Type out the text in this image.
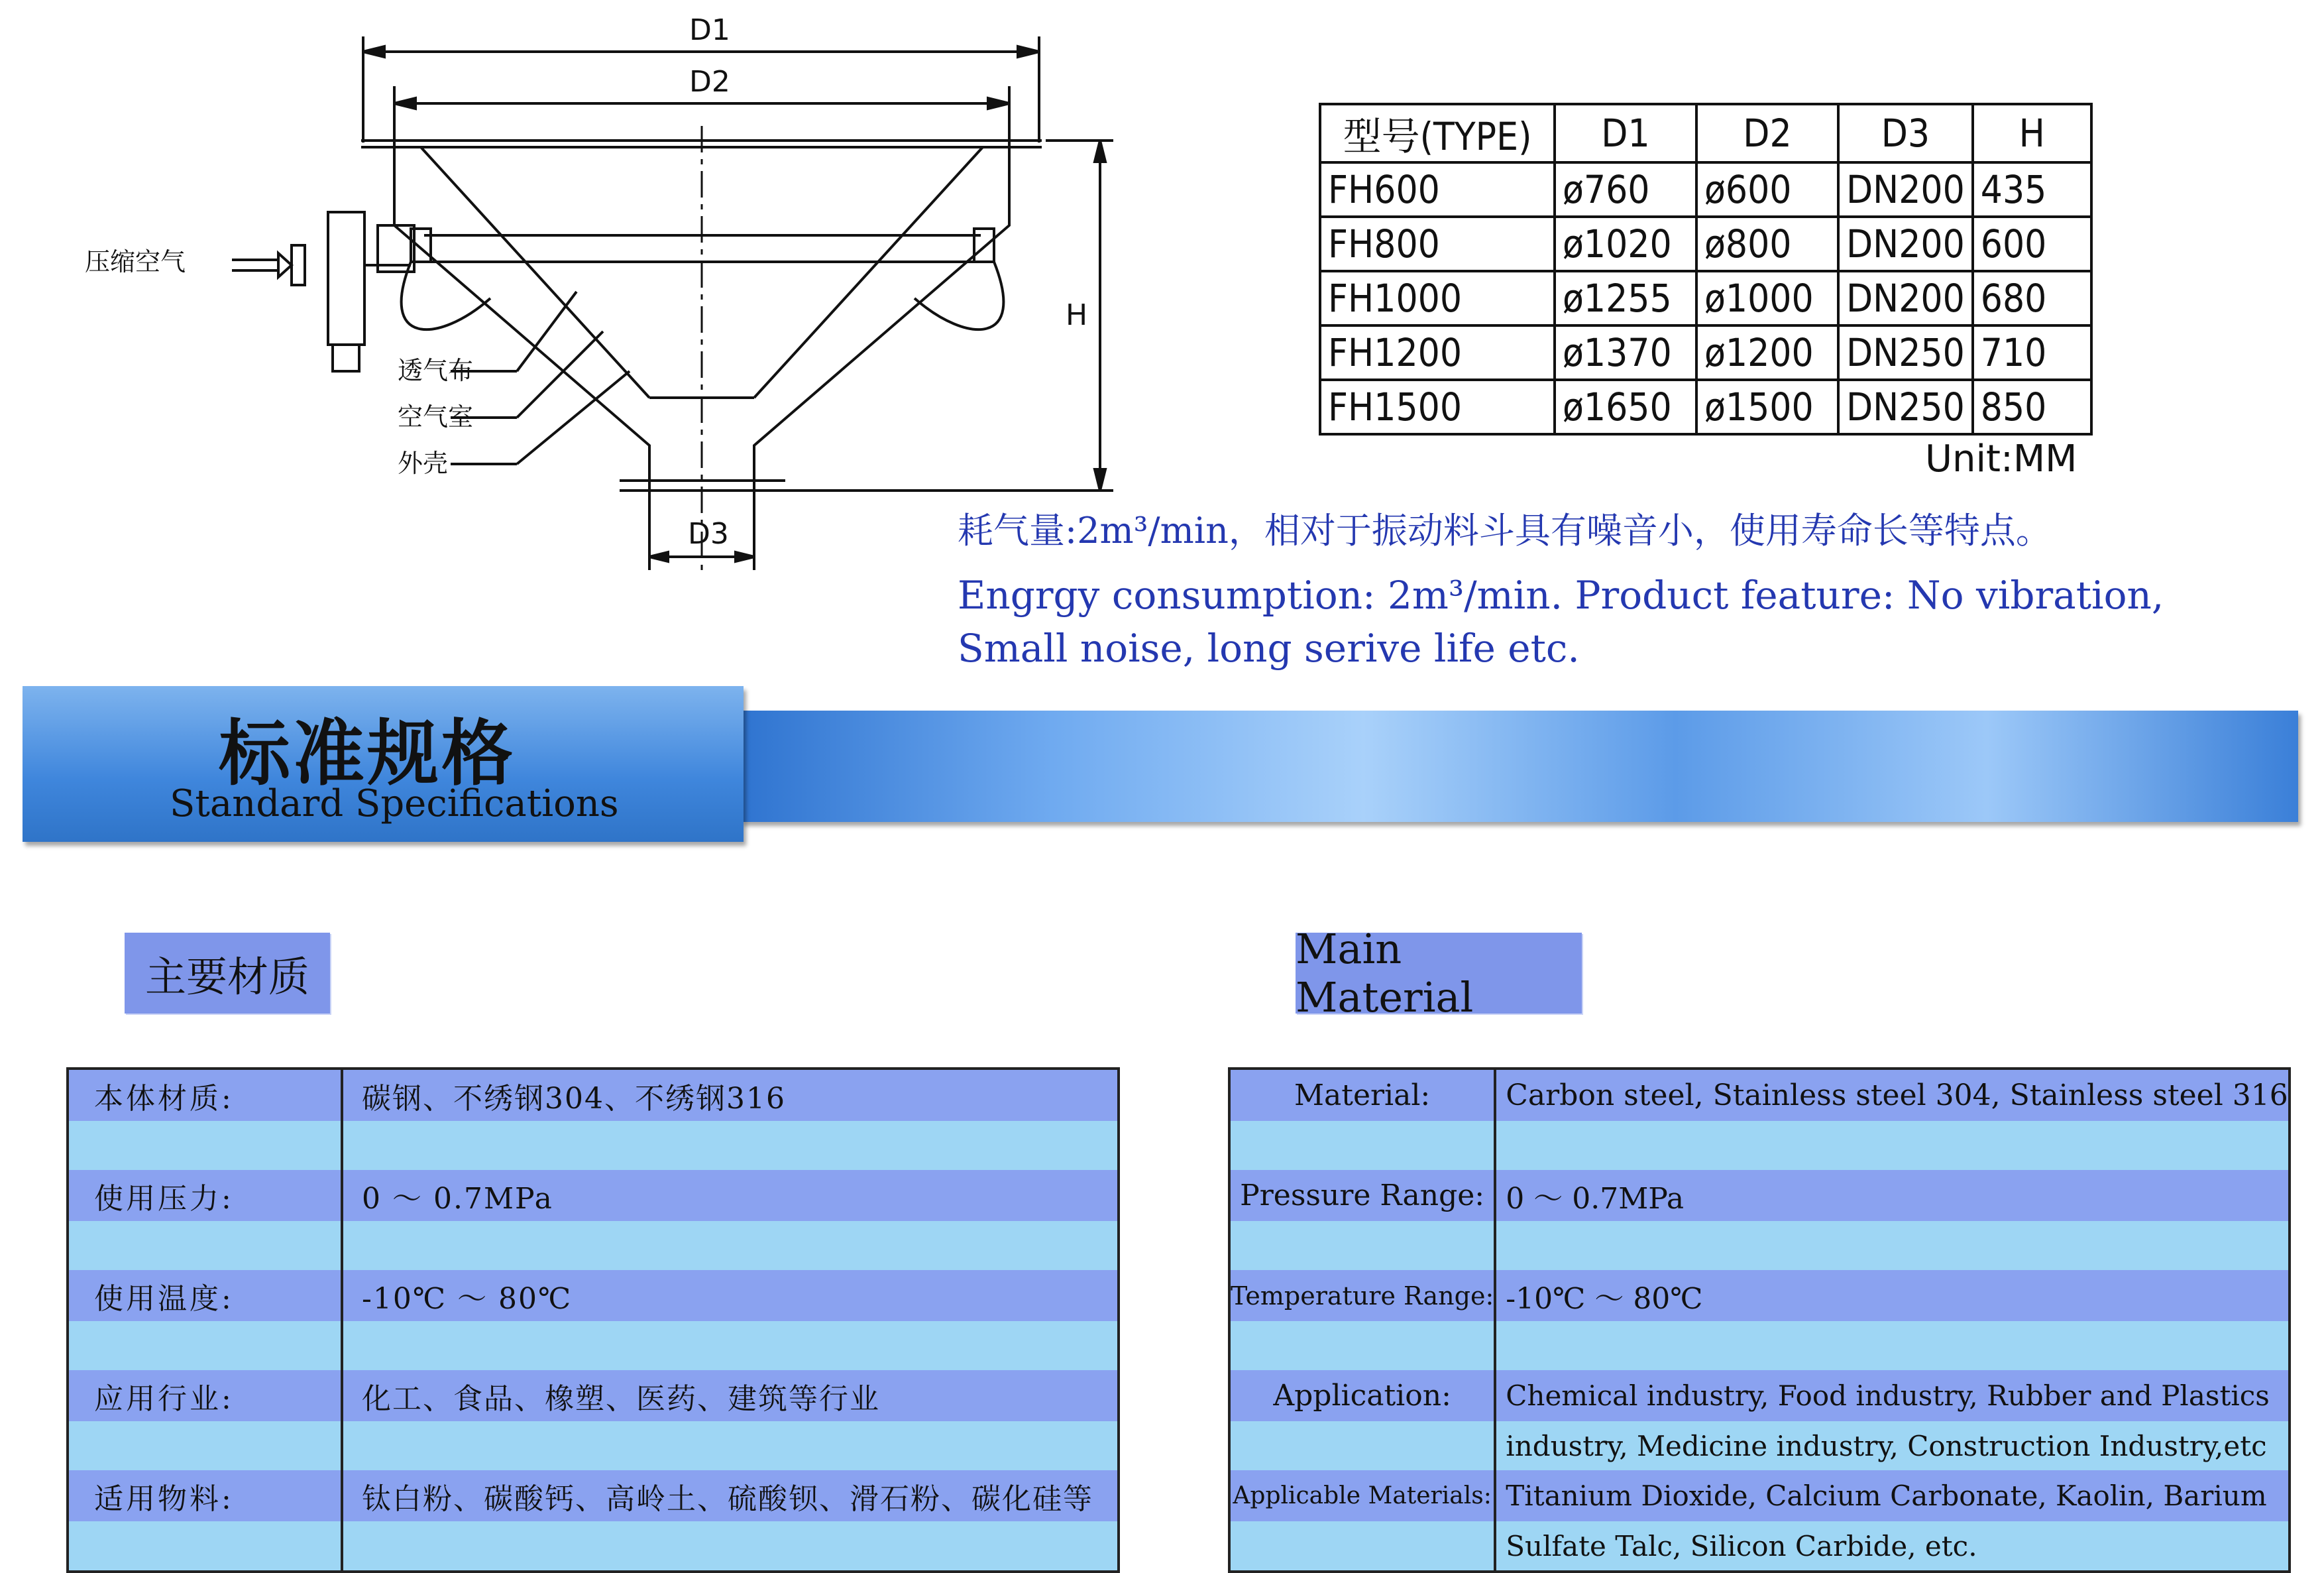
D1
D2
D3
H
压缩空气
透气布
空气室
外壳
型号(TYPE)	D1	D2	D3	H
FH600	ø760	ø600	DN200	435
FH800	ø1020	ø800	DN200	600
FH1000	ø1255	ø1000	DN200	680
FH1200	ø1370	ø1200	DN250	710
FH1500	ø1650	ø1500	DN250	850
Unit:MM
耗气量:2m³/min，相对于振动料斗具有噪音小，使用寿命长等特点。
Engrgy consumption: 2m³/min. Product feature: No vibration, Small noise, long serive life etc.
标准规格
Standard Specifications
主要材质
Main Material
本体材质:	碳钢、不绣钢304、不绣钢316

使用压力:	0 ～ 0.7MPa

使用温度:	-10℃ ～ 80℃

应用行业:	化工、食品、橡塑、医药、建筑等行业

适用物料:	钛白粉、碳酸钙、高岭土、硫酸钡、滑石粉、碳化硅等

Material:	Carbon steel, Stainless steel 304, Stainless steel 316

Pressure Range:	0 ～ 0.7MPa

Temperature Range:	-10℃ ～ 80℃

Application:	Chemical industry, Food industry, Rubber and Plastics
	industry, Medicine industry, Construction Industry,etc
Applicable Materials:	Titanium Dioxide, Calcium Carbonate, Kaolin, Barium
	Sulfate Talc, Silicon Carbide, etc.
